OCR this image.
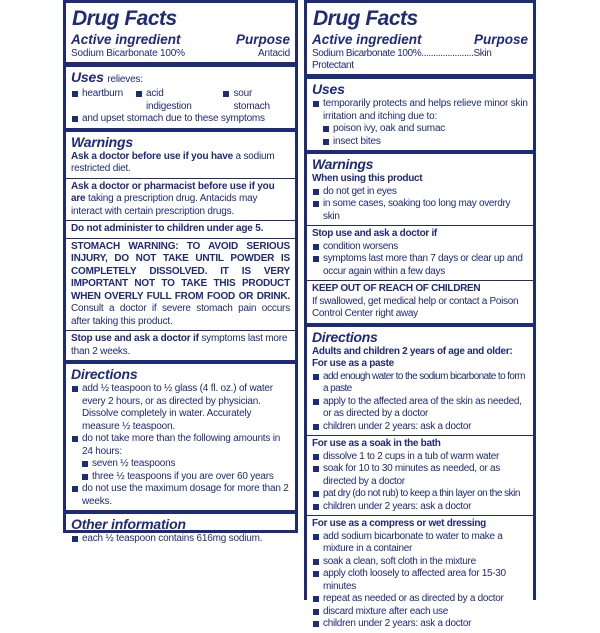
Drug Facts
Active ingredient	Purpose
Sodium Bicarbonate 100%	Antacid
Uses relieves:
heartburn	acid indigestion
sour stomach
and upset stomach due to these symptoms
Warnings
Ask a doctor before use if you have a sodium restricted diet.
Ask a doctor or pharmacist before use if you are taking a prescription drug. Antacids may interact with certain prescription drugs.
Do not administer to children under age 5.
STOMACH WARNING: TO AVOID SERIOUS INJURY, DO NOT TAKE UNTIL POWDER IS COMPLETELY DISSOLVED. IT IS VERY IMPORTANT NOT TO TAKE THIS PRODUCT WHEN OVERLY FULL FROM FOOD OR DRINK. Consult a doctor if severe stomach pain occurs after taking this product.
Stop use and ask a doctor if symptoms last more than 2 weeks.
Directions
add ½ teaspoon to ½ glass (4 fl. oz.) of water every 2 hours, or as directed by physician. Dissolve completely in water. Accurately measure ½ teaspoon.
do not take more than the following amounts in 24 hours:
seven ½ teaspoons
three ½ teaspoons if you are over 60 years
do not use the maximum dosage for more than 2 weeks.
Other information
each ½ teaspoon contains 616mg sodium.
Drug Facts
Active ingredient	Purpose
Sodium Bicarbonate 100%......................Skin Protectant
Uses
temporarily protects and helps relieve minor skin irritation and itching due to:
poison ivy, oak and sumac
insect bites
Warnings
When using this product
do not get in eyes
in some cases, soaking too long may overdry skin
Stop use and ask a doctor if
condition worsens
symptoms last more than 7 days or clear up and occur again within a few days
KEEP OUT OF REACH OF CHILDREN
If swallowed, get medical help or contact a Poison Control Center right away
Directions
Adults and children 2 years of age and older:
For use as a paste
add enough water to the sodium bicarbonate to form a paste
apply to the affected area of the skin as needed, or as directed by a doctor
children under 2 years: ask a doctor
For use as a soak in the bath
dissolve 1 to 2 cups in a tub of warm water
soak for 10 to 30 minutes as needed, or as directed by a doctor
pat dry (do not rub) to keep a thin layer on the skin
children under 2 years: ask a doctor
For use as a compress or wet dressing
add sodium bicarbonate to water to make a mixture in a container
soak a clean, soft cloth in the mixture
apply cloth loosely to affected area for 15-30 minutes
repeat as needed or as directed by a doctor
discard mixture after each use
children under 2 years: ask a doctor
